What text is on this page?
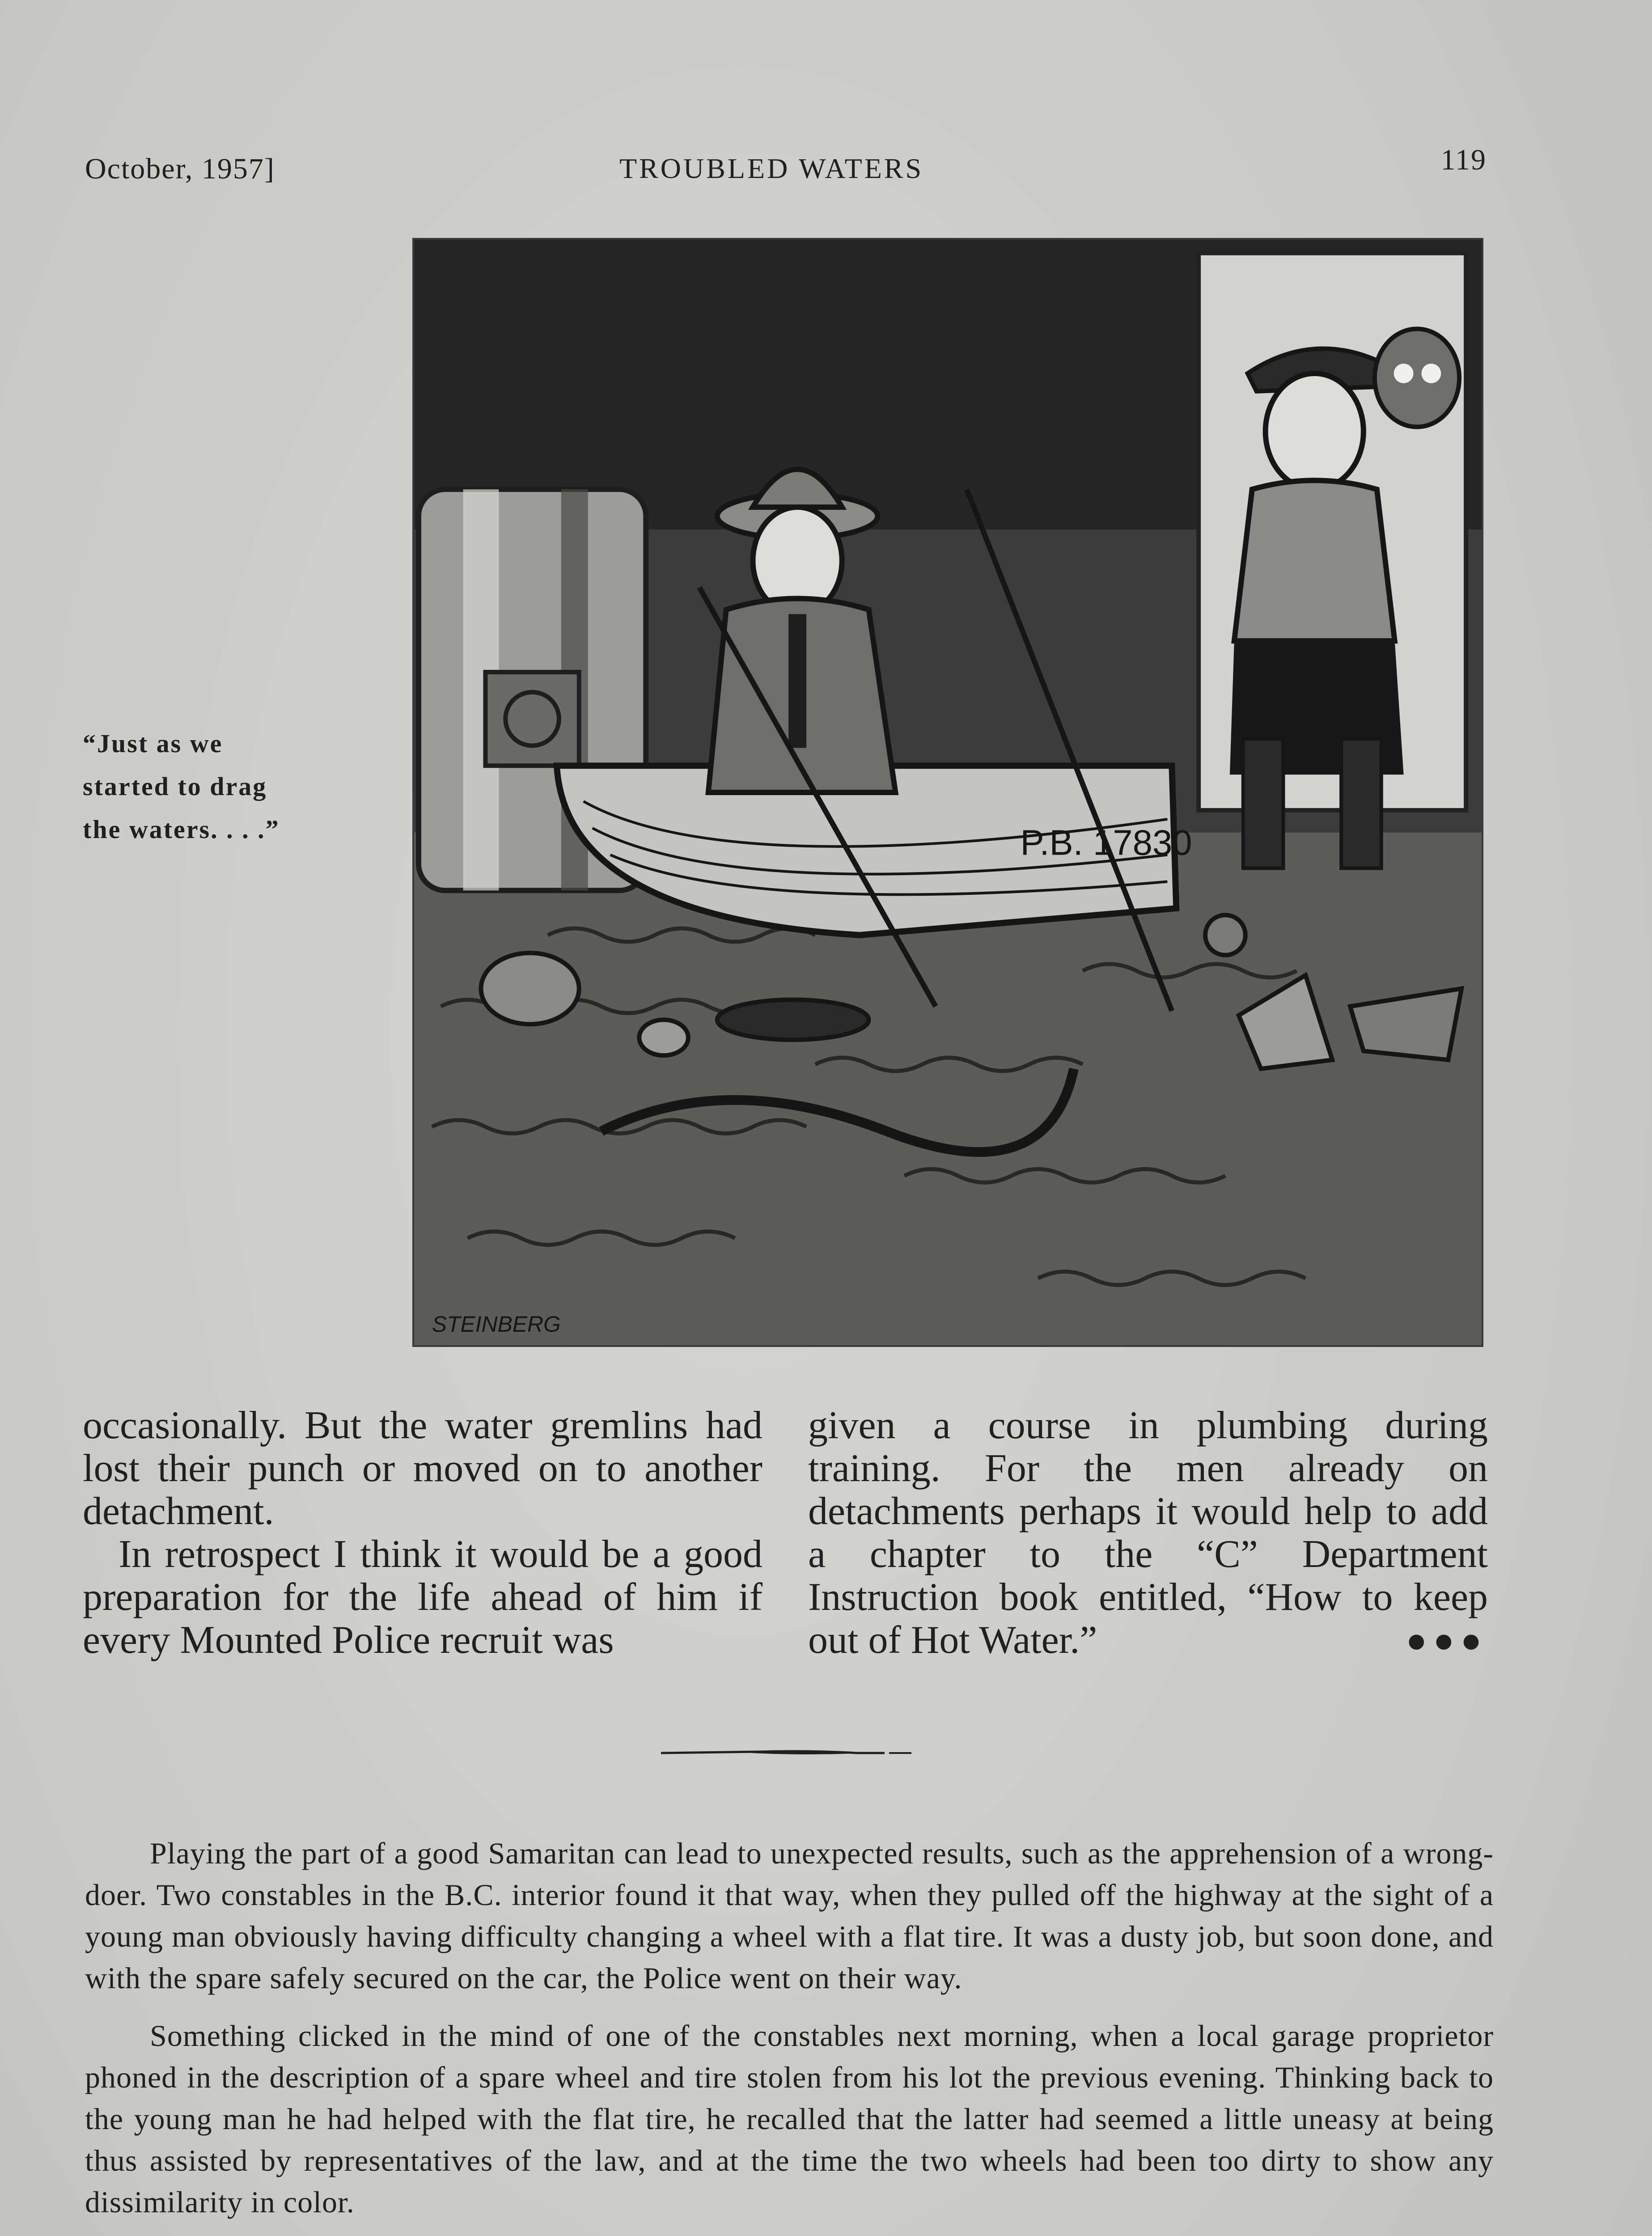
October, 1957]	TROUBLED WATERS	119
P.B. 17830
STEINBERG
“Just as we
started to drag
the waters. . . .”

occasionally. But the water gremlins had lost their punch or moved on to another detachment.

In retrospect I think it would be a good preparation for the life ahead of him if every Mounted Police recruit was

given a course in plumbing during training. For the men already on detachments perhaps it would help to add a chapter to the “C” Department Instruction book entitled, “How to keep out of Hot Water.”	●●●

Playing the part of a good Samaritan can lead to unexpected results, such as the apprehension of a wrong-doer. Two constables in the B.C. interior found it that way, when they pulled off the highway at the sight of a young man obviously having difficulty changing a wheel with a flat tire. It was a dusty job, but soon done, and with the spare safely secured on the car, the Police went on their way.

Something clicked in the mind of one of the constables next morning, when a local garage proprietor phoned in the description of a spare wheel and tire stolen from his lot the previous evening. Thinking back to the young man he had helped with the flat tire, he recalled that the latter had seemed a little uneasy at being thus assisted by representatives of the law, and at the time the two wheels had been too dirty to show any dissimilarity in color.
